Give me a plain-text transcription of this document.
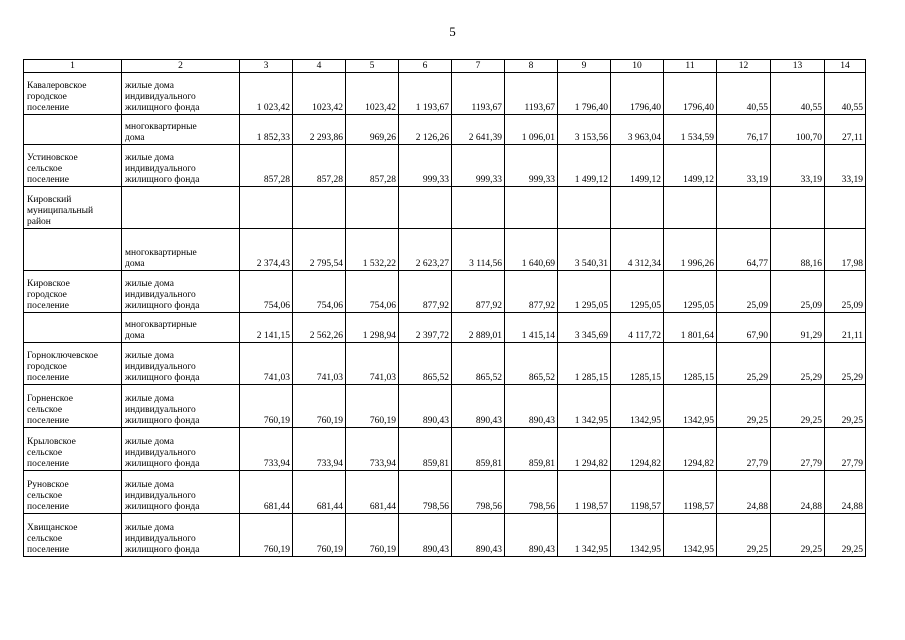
5
1	2	3	4	5	6	7	8	9	10	11	12	13	14
Кавалеровское
городское
поселение	жилые дома
индивидуального
жилищного фонда	1 023,42	1023,42	1023,42	1 193,67	1193,67	1193,67	1 796,40	1796,40	1796,40	40,55	40,55	40,55
	многоквартирные
дома	1 852,33	2 293,86	969,26	2 126,26	2 641,39	1 096,01	3 153,56	3 963,04	1 534,59	76,17	100,70	27,11
Устиновское
сельское
поселение	жилые дома
индивидуального
жилищного фонда	857,28	857,28	857,28	999,33	999,33	999,33	1 499,12	1499,12	1499,12	33,19	33,19	33,19
Кировский
муниципальный
район													
	многоквартирные
дома	2 374,43	2 795,54	1 532,22	2 623,27	3 114,56	1 640,69	3 540,31	4 312,34	1 996,26	64,77	88,16	17,98
Кировское
городское
поселение	жилые дома
индивидуального
жилищного фонда	754,06	754,06	754,06	877,92	877,92	877,92	1 295,05	1295,05	1295,05	25,09	25,09	25,09
	многоквартирные
дома	2 141,15	2 562,26	1 298,94	2 397,72	2 889,01	1 415,14	3 345,69	4 117,72	1 801,64	67,90	91,29	21,11
Горноключевское
городское
поселение	жилые дома
индивидуального
жилищного фонда	741,03	741,03	741,03	865,52	865,52	865,52	1 285,15	1285,15	1285,15	25,29	25,29	25,29
Горненское
сельское
поселение	жилые дома
индивидуального
жилищного фонда	760,19	760,19	760,19	890,43	890,43	890,43	1 342,95	1342,95	1342,95	29,25	29,25	29,25
Крыловское
сельское
поселение	жилые дома
индивидуального
жилищного фонда	733,94	733,94	733,94	859,81	859,81	859,81	1 294,82	1294,82	1294,82	27,79	27,79	27,79
Руновское
сельское
поселение	жилые дома
индивидуального
жилищного фонда	681,44	681,44	681,44	798,56	798,56	798,56	1 198,57	1198,57	1198,57	24,88	24,88	24,88
Хвищанское
сельское
поселение	жилые дома
индивидуального
жилищного фонда	760,19	760,19	760,19	890,43	890,43	890,43	1 342,95	1342,95	1342,95	29,25	29,25	29,25
